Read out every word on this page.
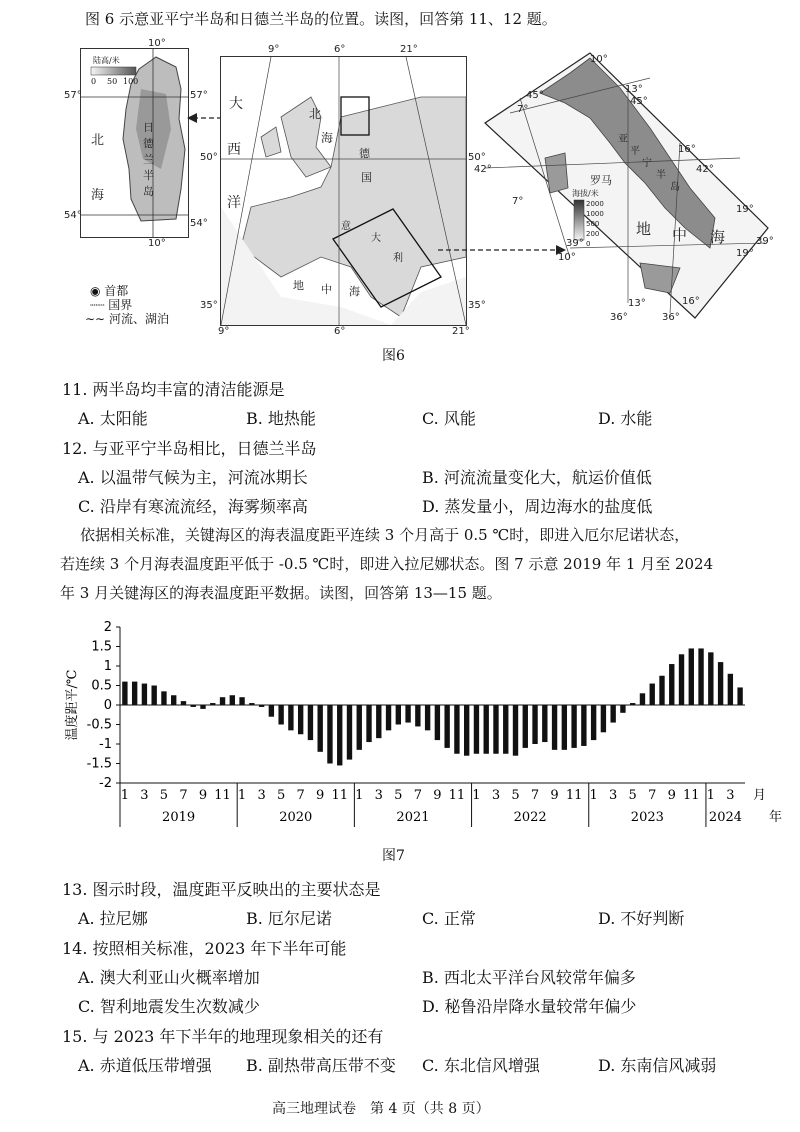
图 6 示意亚平宁半岛和日德兰半岛的位置。读图，回答第 11、12 题。
陆高/米
0 50 100
北
海
日
德
兰
半
岛
10°
57°	57°
54°
54°
10°
◉ 首都
┈┈ 国界
∼∼ 河流、湖泊
大
西
洋
北
海
德
国
意
大
利
地 中 海
9°	6°	21°
50°	50°
35°	35°
9°	6°	21°
海拔/米
2000
1000
500
200
0
10°
13°
45°
45°
7°
42°
16°
42°
7°
19°
39°
10°	19°
39°
13°	16°
36°	36°
罗马
亚
平
宁
半
岛
地 中 海
图6
11. 两半岛均丰富的清洁能源是
A. 太阳能	B. 地热能	C. 风能	D. 水能
12. 与亚平宁半岛相比，日德兰半岛
A. 以温带气候为主，河流冰期长	B. 河流流量变化大，航运价值低
C. 沿岸有寒流流经，海雾频率高	D. 蒸发量小，周边海水的盐度低
依据相关标准，关键海区的海表温度距平连续 3 个月高于 0.5 ℃时，即进入厄尔尼诺状态，
若连续 3 个月海表温度距平低于 -0.5 ℃时，即进入拉尼娜状态。图 7 示意 2019 年 1 月至 2024
年 3 月关键海区的海表温度距平数据。读图，回答第 13—15 题。
2
1.5
1
0.5
0
-0.5
-1
-1.5
-2
温度距平/℃
1 3 5 7 9 11 1 3 5 7 9 11 1 3 5 7 9 11 1 3 5 7 9 11 1 3 5 7 9 11 1 3 月
2019	2020	2021	2022	2023	2024 年
图7
13. 图示时段，温度距平反映出的主要状态是
A. 拉尼娜	B. 厄尔尼诺	C. 正常	D. 不好判断
14. 按照相关标准，2023 年下半年可能
A. 澳大利亚山火概率增加	B. 西北太平洋台风较常年偏多
C. 智利地震发生次数减少	D. 秘鲁沿岸降水量较常年偏少
15. 与 2023 年下半年的地理现象相关的还有
A. 赤道低压带增强 B. 副热带高压带不变 C. 东北信风增强	D. 东南信风减弱
高三地理试卷　第 4 页（共 8 页）
